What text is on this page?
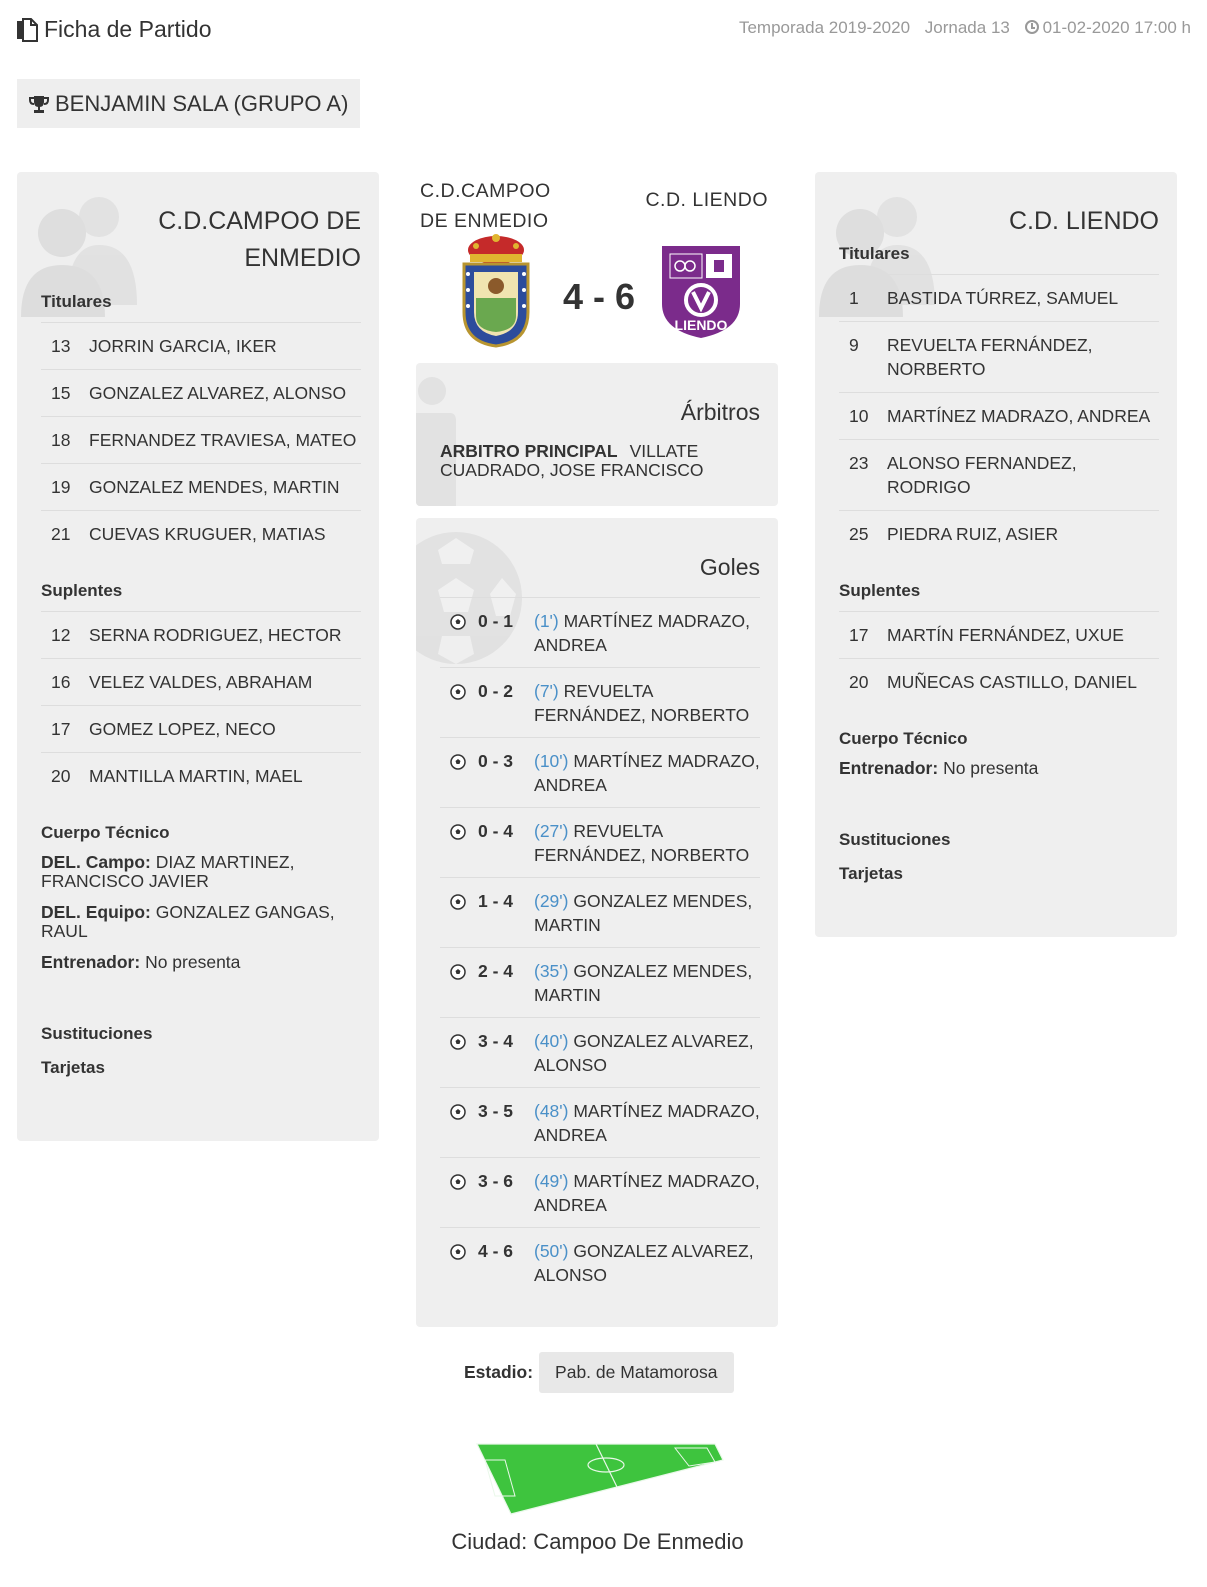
Ficha de Partido	Temporada 2019-2020 Jornada 13 01-02-2020 17:00 h
BENJAMIN SALA (GRUPO A)
C.D.CAMPOO DE ENMEDIO
Titulares
13	JORRIN GARCIA, IKER
15	GONZALEZ ALVAREZ, ALONSO
18	FERNANDEZ TRAVIESA, MATEO
19	GONZALEZ MENDES, MARTIN
21	CUEVAS KRUGUER, MATIAS
Suplentes
12	SERNA RODRIGUEZ, HECTOR
16	VELEZ VALDES, ABRAHAM
17	GOMEZ LOPEZ, NECO
20	MANTILLA MARTIN, MAEL
Cuerpo Técnico
DEL. Campo: DIAZ MARTINEZ, FRANCISCO JAVIER
DEL. Equipo: GONZALEZ GANGAS, RAUL
Entrenador: No presenta
Sustituciones
Tarjetas
C.D.CAMPOO DE ENMEDIO
C.D. LIENDO
4 - 6
LIENDO
Árbitros
ARBITRO PRINCIPAL VILLATE CUADRADO, JOSE FRANCISCO
Goles
0 - 1	(1') MARTÍNEZ MADRAZO, ANDREA
0 - 2	(7') REVUELTA FERNÁNDEZ, NORBERTO
0 - 3	(10') MARTÍNEZ MADRAZO, ANDREA
0 - 4	(27') REVUELTA FERNÁNDEZ, NORBERTO
1 - 4	(29') GONZALEZ MENDES, MARTIN
2 - 4	(35') GONZALEZ MENDES, MARTIN
3 - 4	(40') GONZALEZ ALVAREZ, ALONSO
3 - 5	(48') MARTÍNEZ MADRAZO, ANDREA
3 - 6	(49') MARTÍNEZ MADRAZO, ANDREA
4 - 6	(50') GONZALEZ ALVAREZ, ALONSO
C.D. LIENDO
Titulares
1	BASTIDA TÚRREZ, SAMUEL
9	REVUELTA FERNÁNDEZ, NORBERTO
10	MARTÍNEZ MADRAZO, ANDREA
23	ALONSO FERNANDEZ, RODRIGO
25	PIEDRA RUIZ, ASIER
Suplentes
17	MARTÍN FERNÁNDEZ, UXUE
20	MUÑECAS CASTILLO, DANIEL
Cuerpo Técnico
Entrenador: No presenta
Sustituciones
Tarjetas
Estadio:	Pab. de Matamorosa
Ciudad: Campoo De Enmedio
